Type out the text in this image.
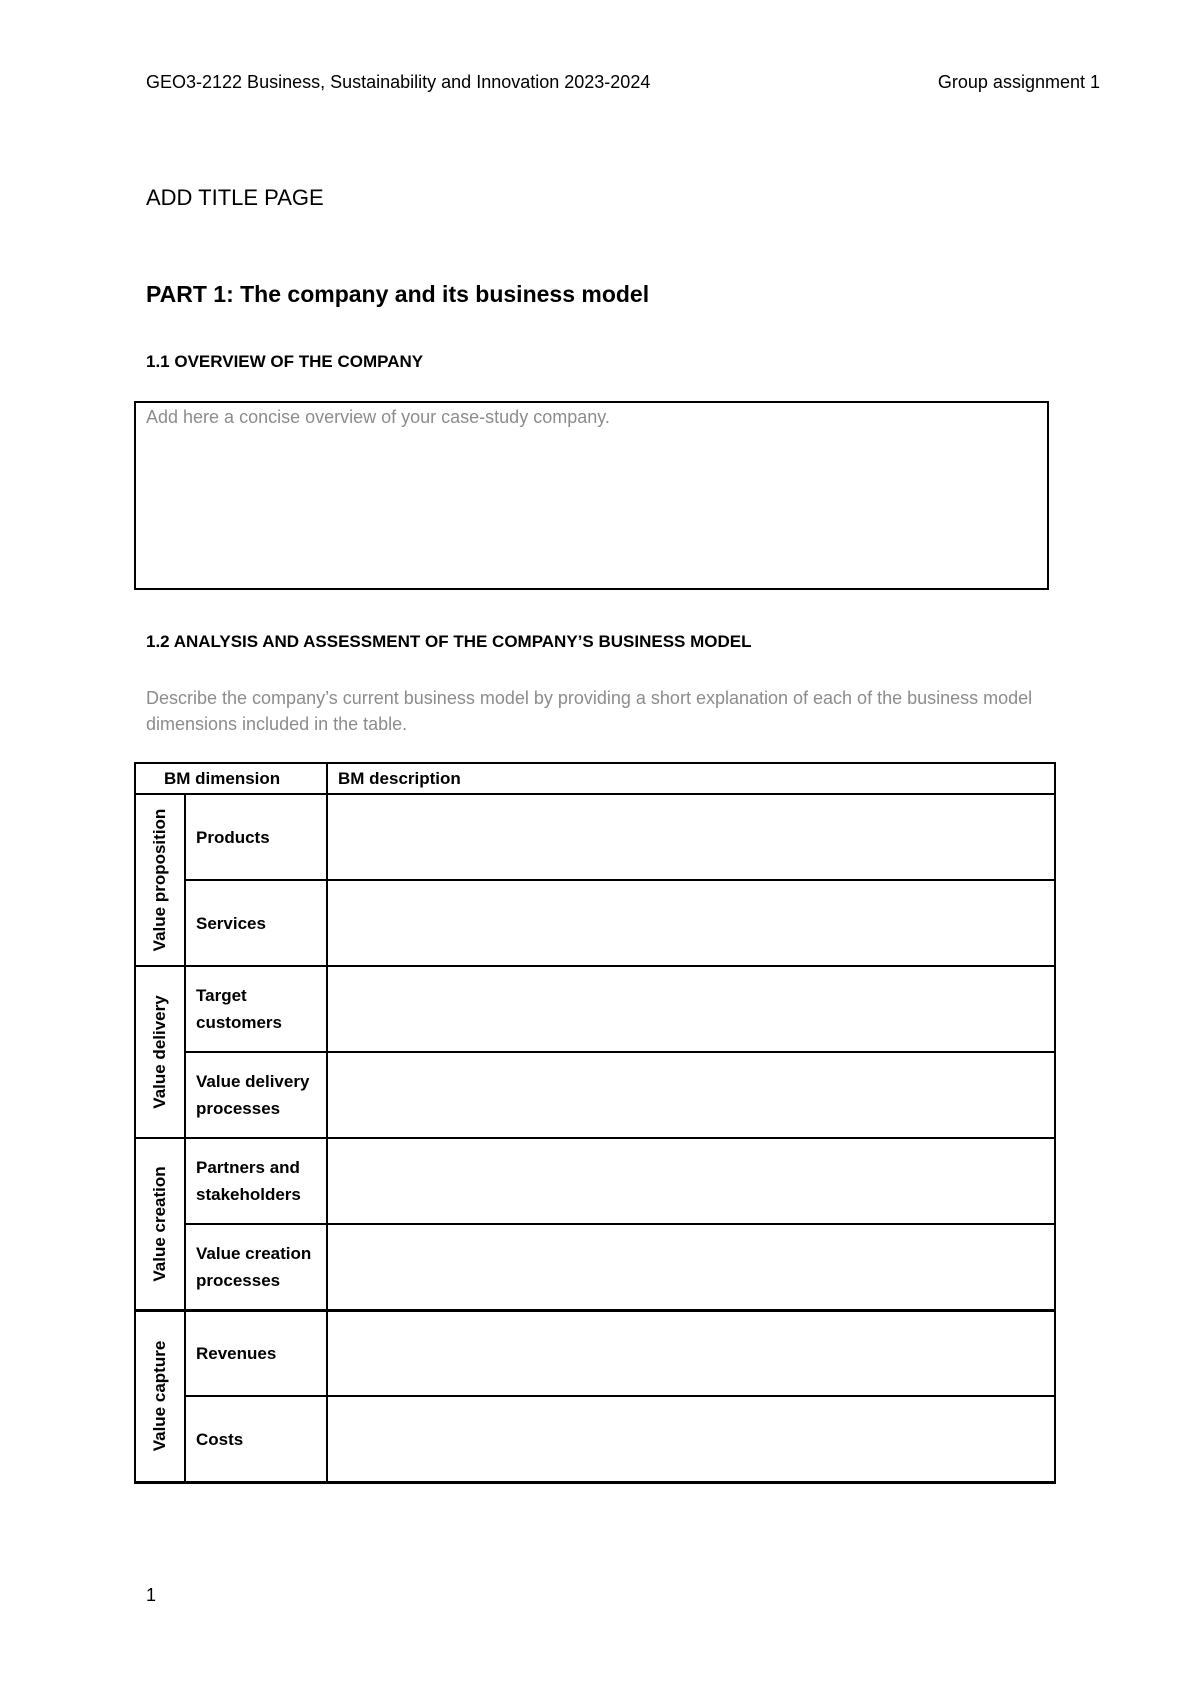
GEO3-2122 Business, Sustainability and Innovation 2023-2024	Group assignment 1
ADD TITLE PAGE
PART 1: The company and its business model
1.1 OVERVIEW OF THE COMPANY
Add here a concise overview of your case-study company.
1.2 ANALYSIS AND ASSESSMENT OF THE COMPANY’S BUSINESS MODEL
Describe the company’s current business model by providing a short explanation of each of the business model dimensions included in the table.
BM dimension		BM description

Value proposition	Products	
	Services	

Value delivery	Target customers	
	Value delivery processes	

Value creation	Partners and stakeholders	
	Value creation processes	

Value capture	Revenues	
	Costs	
1
